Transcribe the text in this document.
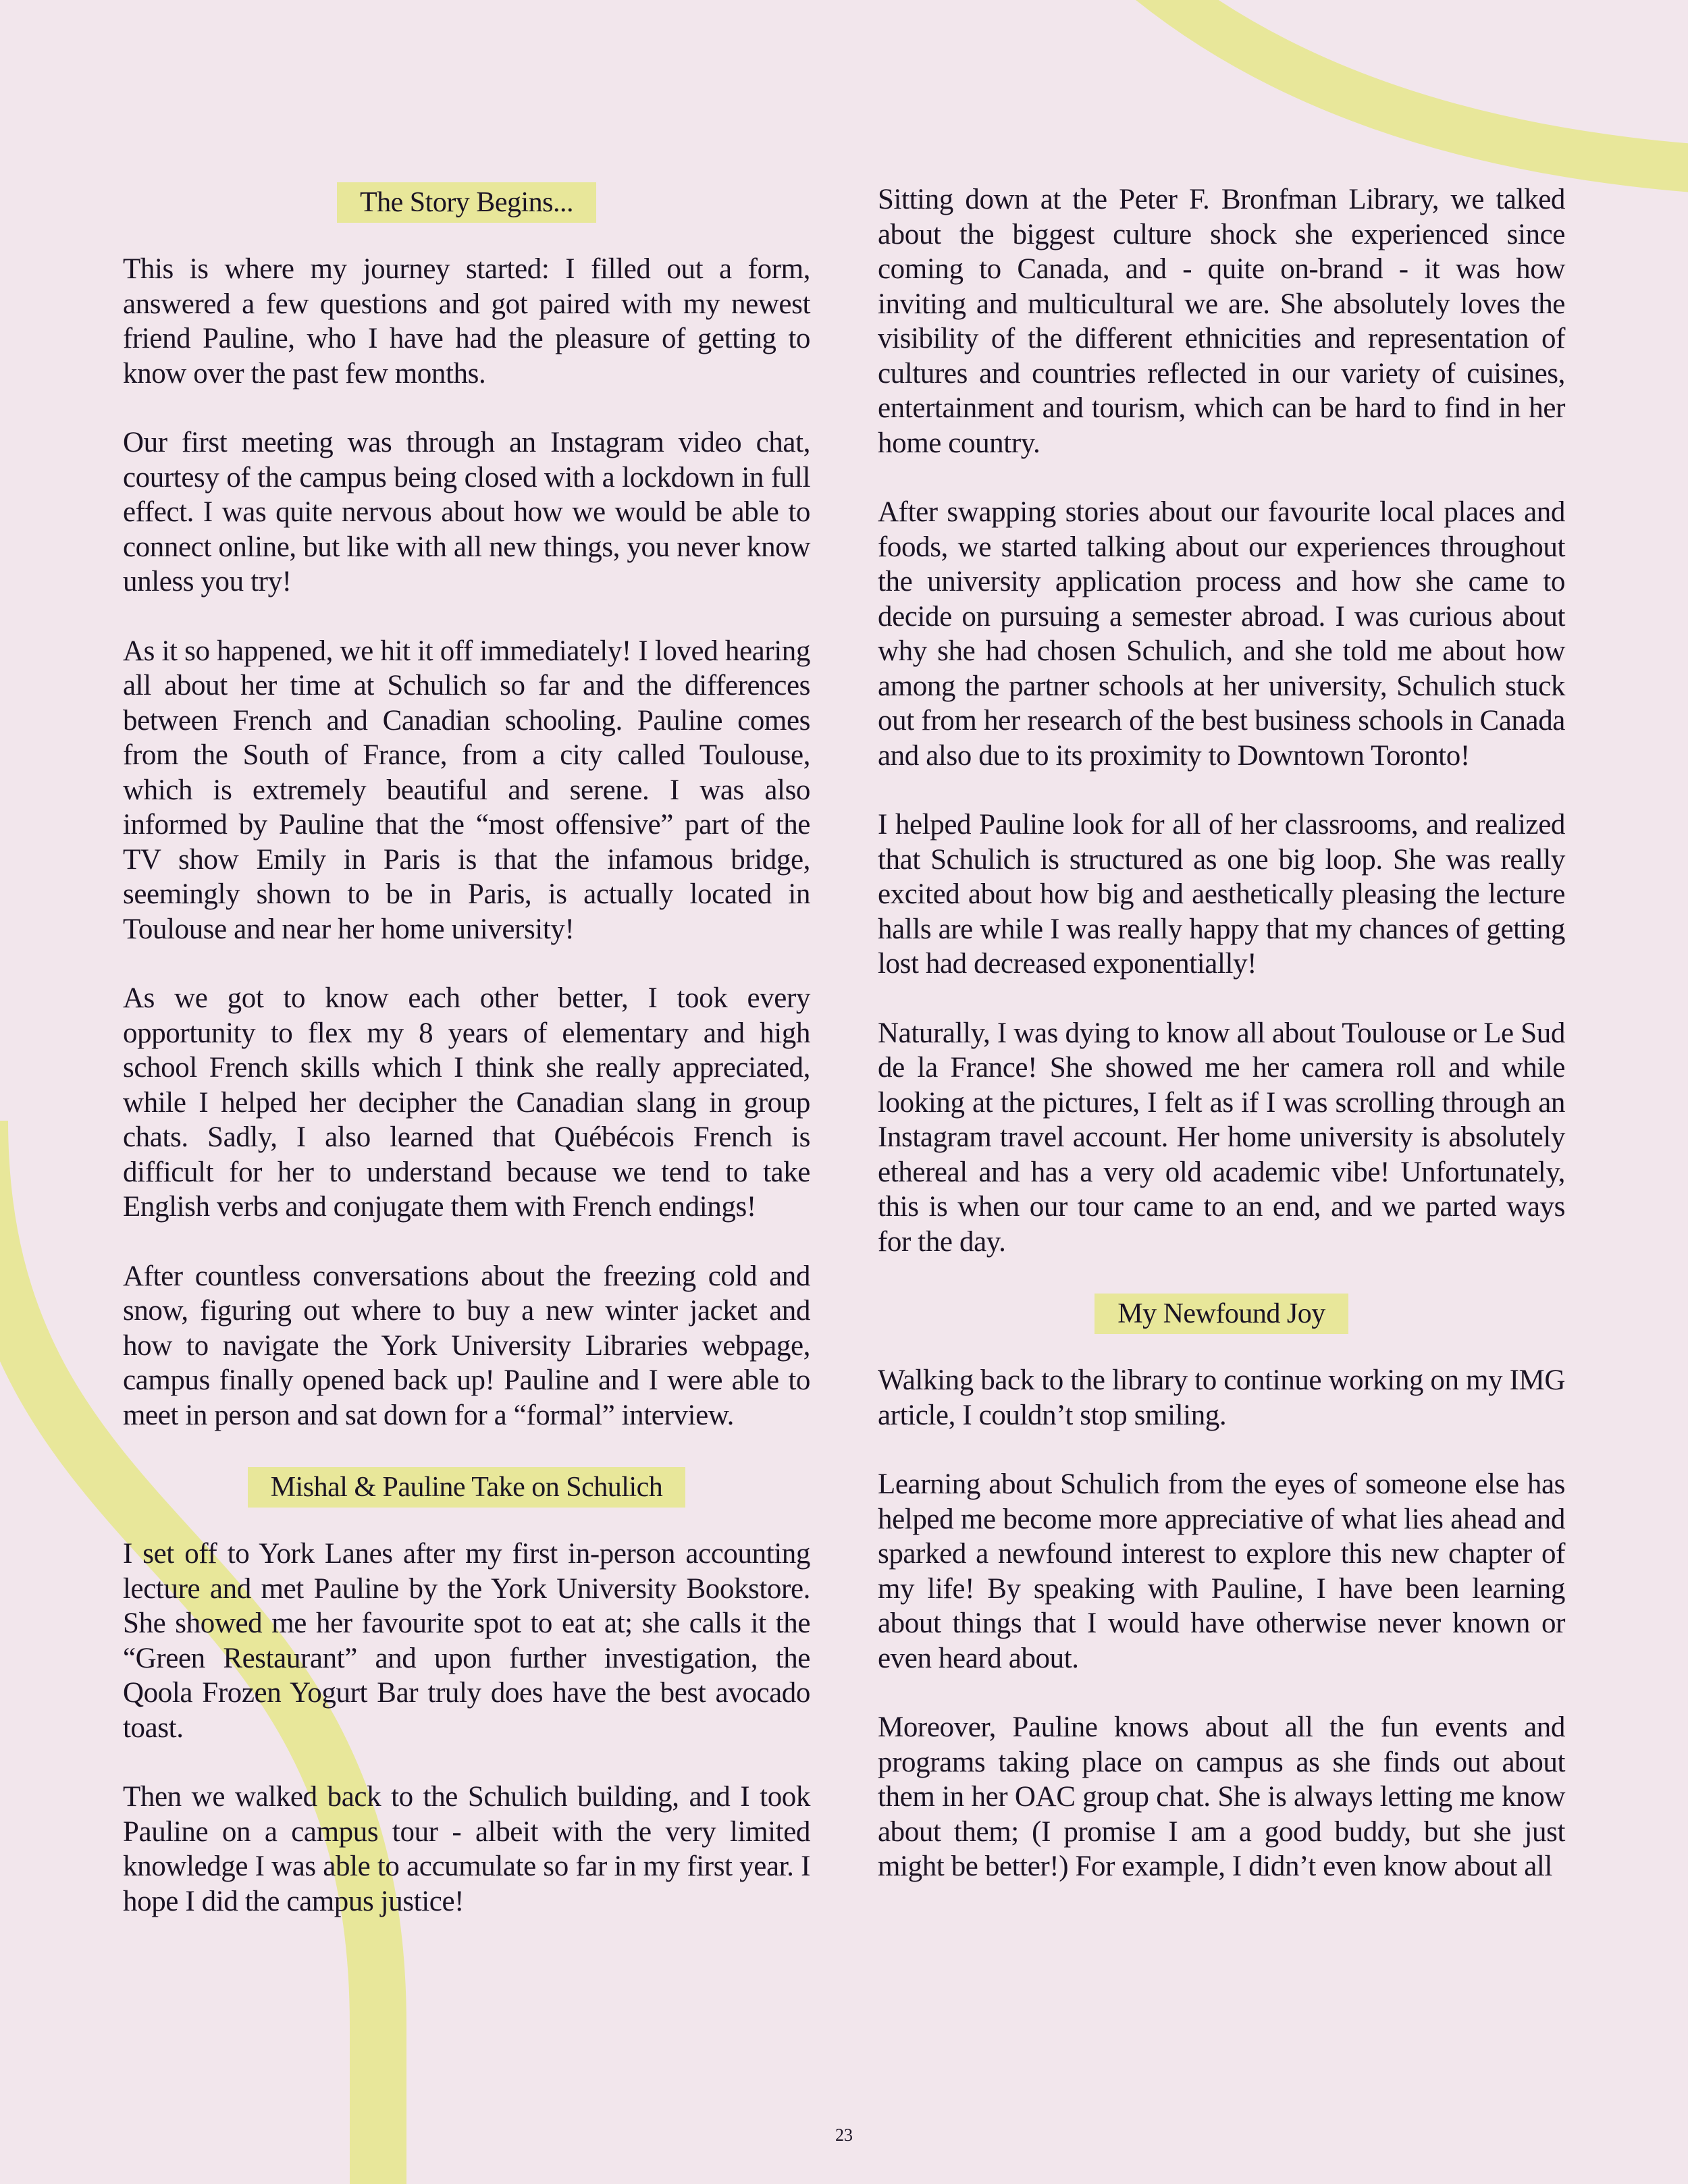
The Story Begins...

This is where my journey started: I filled out a form, answered a few questions and got paired with my newest friend Pauline, who I have had the pleasure of getting to know over the past few months.

Our first meeting was through an Instagram video chat, courtesy of the campus being closed with a lockdown in full effect. I was quite nervous about how we would be able to connect online, but like with all new things, you never know unless you try!

As it so happened, we hit it off immediately! I loved hearing all about her time at Schulich so far and the differences between French and Canadian schooling. Pauline comes from the South of France, from a city called Toulouse, which is extremely beautiful and serene. I was also informed by Pauline that the “most offensive” part of the TV show Emily in Paris is that the infamous bridge, seemingly shown to be in Paris, is actually located in Toulouse and near her home university!

As we got to know each other better, I took every opportunity to flex my 8 years of elementary and high school French skills which I think she really appreciated, while I helped her decipher the Canadian slang in group chats. Sadly, I also learned that Québécois French is difficult for her to understand because we tend to take English verbs and conjugate them with French endings!

After countless conversations about the freezing cold and snow, figuring out where to buy a new winter jacket and how to navigate the York University Libraries webpage, campus finally opened back up! Pauline and I were able to meet in person and sat down for a “formal” interview.

Mishal & Pauline Take on Schulich

I set off to York Lanes after my first in-person accounting lecture and met Pauline by the York University Bookstore. She showed me her favourite spot to eat at; she calls it the “Green Restaurant” and upon further investigation, the Qoola Frozen Yogurt Bar truly does have the best avocado toast.

Then we walked back to the Schulich building, and I took Pauline on a campus tour - albeit with the very limited knowledge I was able to accumulate so far in my first year. I hope I did the campus justice!

Sitting down at the Peter F. Bronfman Library, we talked about the biggest culture shock she experienced since coming to Canada, and - quite on-brand - it was how inviting and multicultural we are. She absolutely loves the visibility of the different ethnicities and representation of cultures and countries reflected in our variety of cuisines, entertainment and tourism, which can be hard to find in her home country.

After swapping stories about our favourite local places and foods, we started talking about our experiences throughout the university application process and how she came to decide on pursuing a semester abroad. I was curious about why she had chosen Schulich, and she told me about how among the partner schools at her university, Schulich stuck out from her research of the best business schools in Canada and also due to its proximity to Downtown Toronto!

I helped Pauline look for all of her classrooms, and realized that Schulich is structured as one big loop. She was really excited about how big and aesthetically pleasing the lecture halls are while I was really happy that my chances of getting lost had decreased exponentially!

Naturally, I was dying to know all about Toulouse or Le Sud de la France! She showed me her camera roll and while looking at the pictures, I felt as if I was scrolling through an Instagram travel account. Her home university is absolutely ethereal and has a very old academic vibe! Unfortunately, this is when our tour came to an end, and we parted ways for the day.

My Newfound Joy

Walking back to the library to continue working on my IMG article, I couldn’t stop smiling.

Learning about Schulich from the eyes of someone else has helped me become more appreciative of what lies ahead and sparked a newfound interest to explore this new chapter of my life! By speaking with Pauline, I have been learning about things that I would have otherwise never known or even heard about.

Moreover, Pauline knows about all the fun events and programs taking place on campus as she finds out about them in her OAC group chat. She is always letting me know about them; (I promise I am a good buddy, but she just might be better!) For example, I didn’t even know about all

23
